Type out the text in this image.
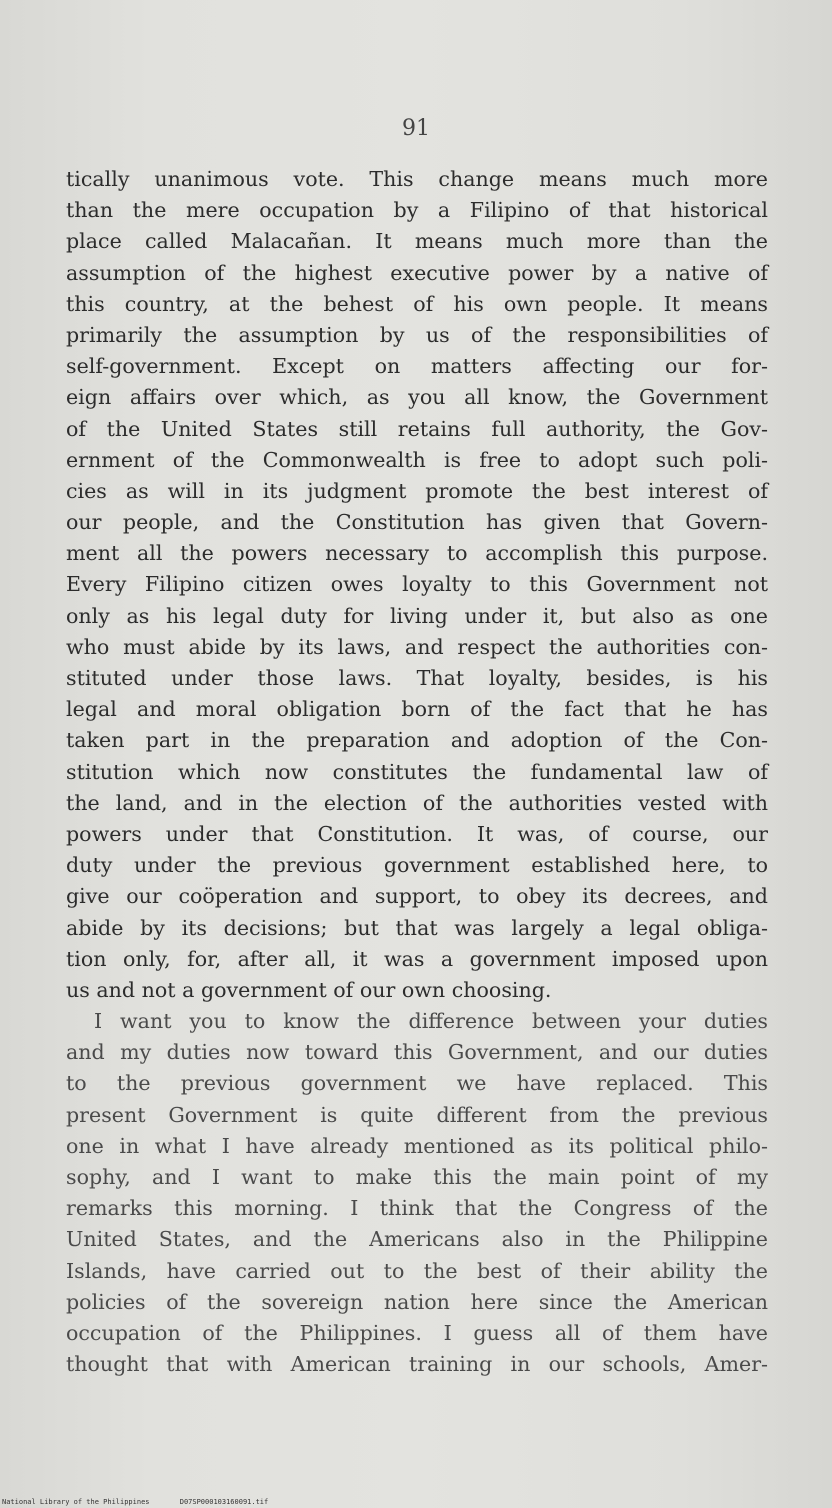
91
tically unanimous vote. This change means much more
than the mere occupation by a Filipino of that historical
place called Malacañan. It means much more than the
assumption of the highest executive power by a native of
this country, at the behest of his own people. It means
primarily the assumption by us of the responsibilities of
self-government. Except on matters affecting our for-
eign affairs over which, as you all know, the Government
of the United States still retains full authority, the Gov-
ernment of the Commonwealth is free to adopt such poli-
cies as will in its judgment promote the best interest of
our people, and the Constitution has given that Govern-
ment all the powers necessary to accomplish this purpose.
Every Filipino citizen owes loyalty to this Government not
only as his legal duty for living under it, but also as one
who must abide by its laws, and respect the authorities con-
stituted under those laws. That loyalty, besides, is his
legal and moral obligation born of the fact that he has
taken part in the preparation and adoption of the Con-
stitution which now constitutes the fundamental law of
the land, and in the election of the authorities vested with
powers under that Constitution. It was, of course, our
duty under the previous government established here, to
give our coöperation and support, to obey its decrees, and
abide by its decisions; but that was largely a legal obliga-
tion only, for, after all, it was a government imposed upon
us and not a government of our own choosing.
I want you to know the difference between your duties
and my duties now toward this Government, and our duties
to the previous government we have replaced. This
present Government is quite different from the previous
one in what I have already mentioned as its political philo-
sophy, and I want to make this the main point of my
remarks this morning. I think that the Congress of the
United States, and the Americans also in the Philippine
Islands, have carried out to the best of their ability the
policies of the sovereign nation here since the American
occupation of the Philippines. I guess all of them have
thought that with American training in our schools, Amer-
National Library of the Philippines	D07SP000103160091.tif
